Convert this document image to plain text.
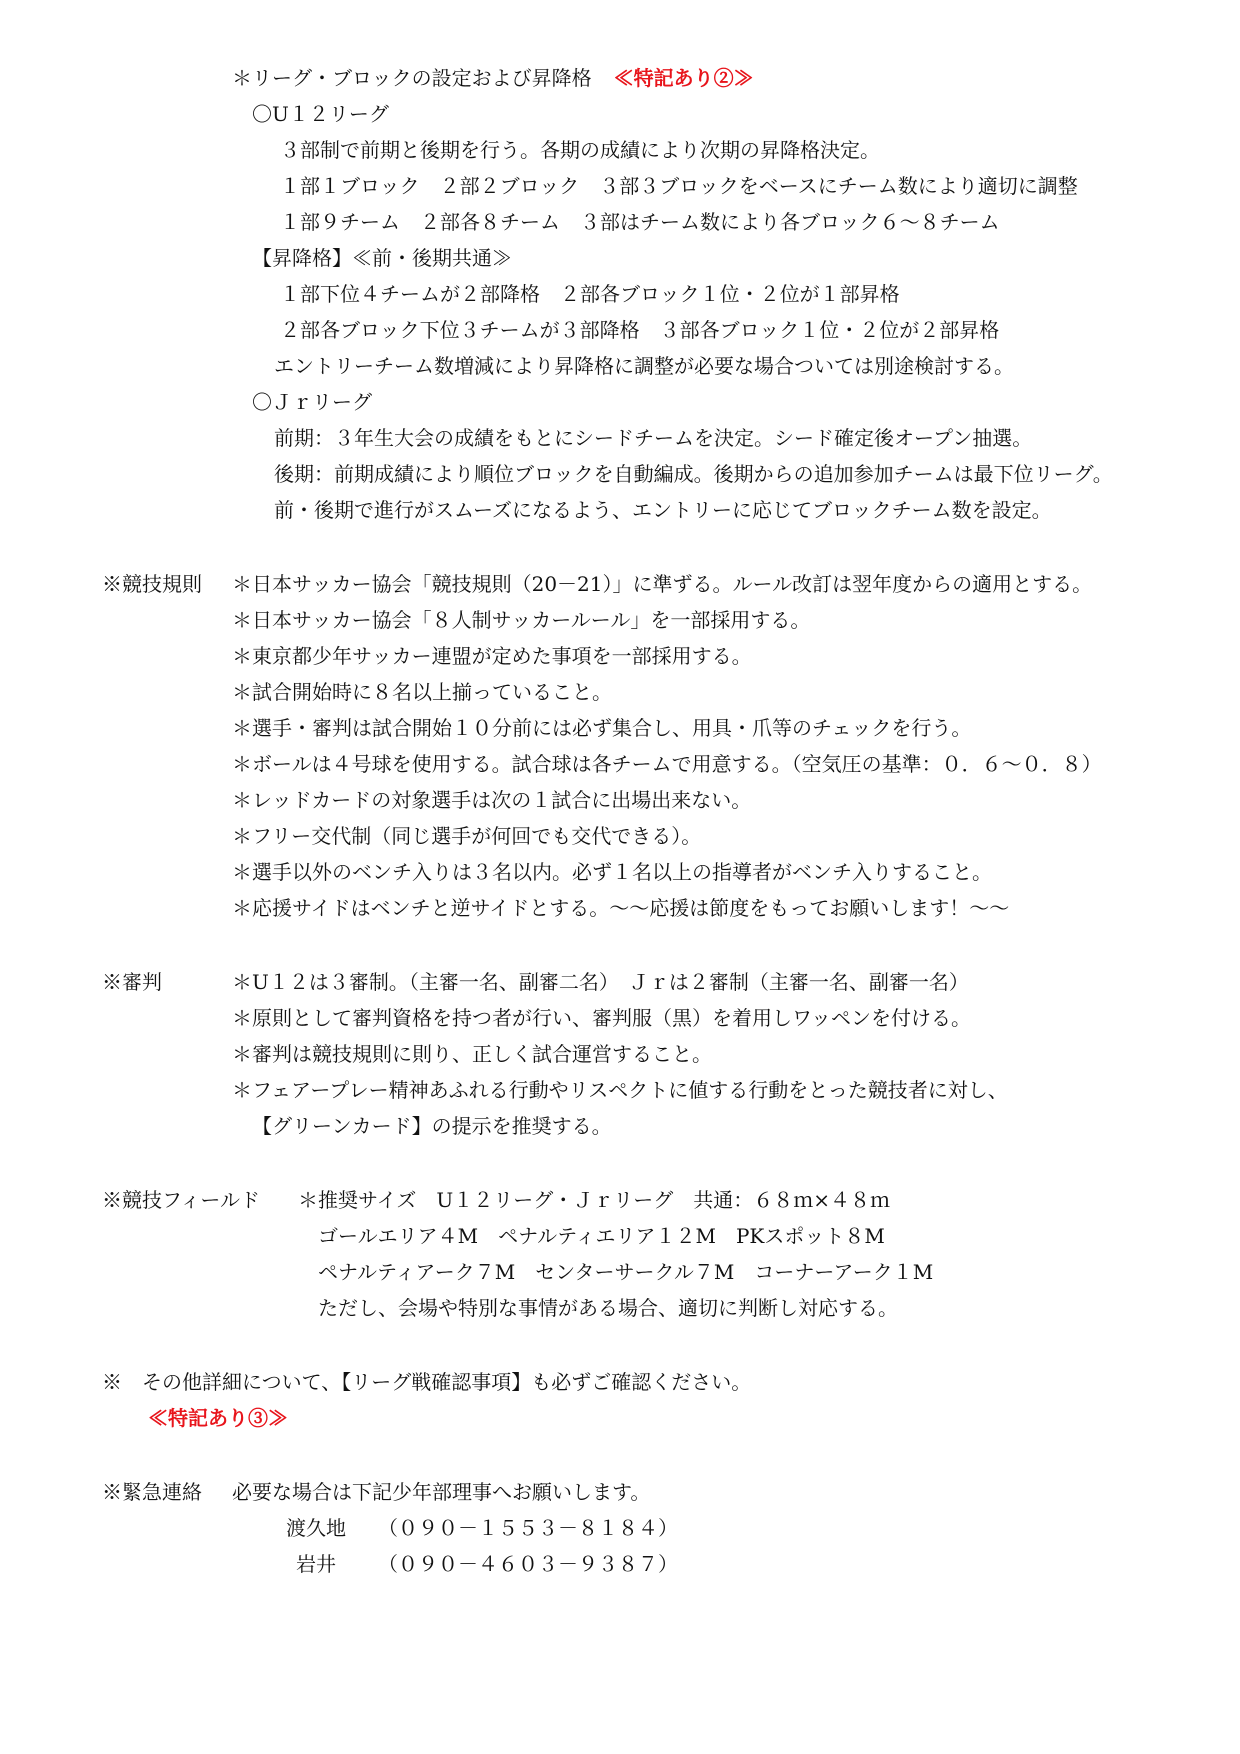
＊リーグ・ブロックの設定および昇降格 ≪特記あり②≫
〇U１２リーグ
３部制で前期と後期を行う。各期の成績により次期の昇降格決定。
１部１ブロック　２部２ブロック　３部３ブロックをベースにチーム数により適切に調整
１部９チーム　２部各８チーム　３部はチーム数により各ブロック６～８チーム
【昇降格】≪前・後期共通≫
１部下位４チームが２部降格　２部各ブロック１位・２位が１部昇格
２部各ブロック下位３チームが３部降格　３部各ブロック１位・２位が２部昇格
エントリーチーム数増減により昇降格に調整が必要な場合ついては別途検討する。
〇Ｊｒリーグ
前期：３年生大会の成績をもとにシードチームを決定。シード確定後オープン抽選。
後期：前期成績により順位ブロックを自動編成。後期からの追加参加チームは最下位リーグ。
前・後期で進行がスムーズになるよう、エントリーに応じてブロックチーム数を設定。
※競技規則 ＊日本サッカー協会「競技規則（20－21）」に準ずる。ルール改訂は翌年度からの適用とする。
＊日本サッカー協会「８人制サッカールール」を一部採用する。
＊東京都少年サッカー連盟が定めた事項を一部採用する。
＊試合開始時に８名以上揃っていること。
＊選手・審判は試合開始１０分前には必ず集合し、用具・爪等のチェックを行う。
＊ボールは４号球を使用する。試合球は各チームで用意する。（空気圧の基準：０．６～０．８）
＊レッドカードの対象選手は次の１試合に出場出来ない。
＊フリー交代制（同じ選手が何回でも交代できる）。
＊選手以外のベンチ入りは３名以内。必ず１名以上の指導者がベンチ入りすること。
＊応援サイドはベンチと逆サイドとする。～～応援は節度をもってお願いします！～～
※審判	＊U１２は３審制。（主審一名、副審二名）　Ｊｒは２審制（主審一名、副審一名）
＊原則として審判資格を持つ者が行い、審判服（黒）を着用しワッペンを付ける。
＊審判は競技規則に則り、正しく試合運営すること。
＊フェアープレー精神あふれる行動やリスペクトに値する行動をとった競技者に対し、
【グリーンカード】の提示を推奨する。
※競技フィールド ＊推奨サイズ　U１２リーグ・Ｊｒリーグ　共通：６８ｍ×４８ｍ
ゴールエリア４M　ペナルティエリア１２M　PKスポット８M
ペナルティアーク７M　センターサークル７M　コーナーアーク１M
ただし、会場や特別な事情がある場合、適切に判断し対応する。
※　その他詳細について、【リーグ戦確認事項】も必ずご確認ください。
≪特記あり③≫
※緊急連絡 必要な場合は下記少年部理事へお願いします。
渡久地 （０９０－１５５３－８１８４）
岩井 （０９０－４６０３－９３８７）
